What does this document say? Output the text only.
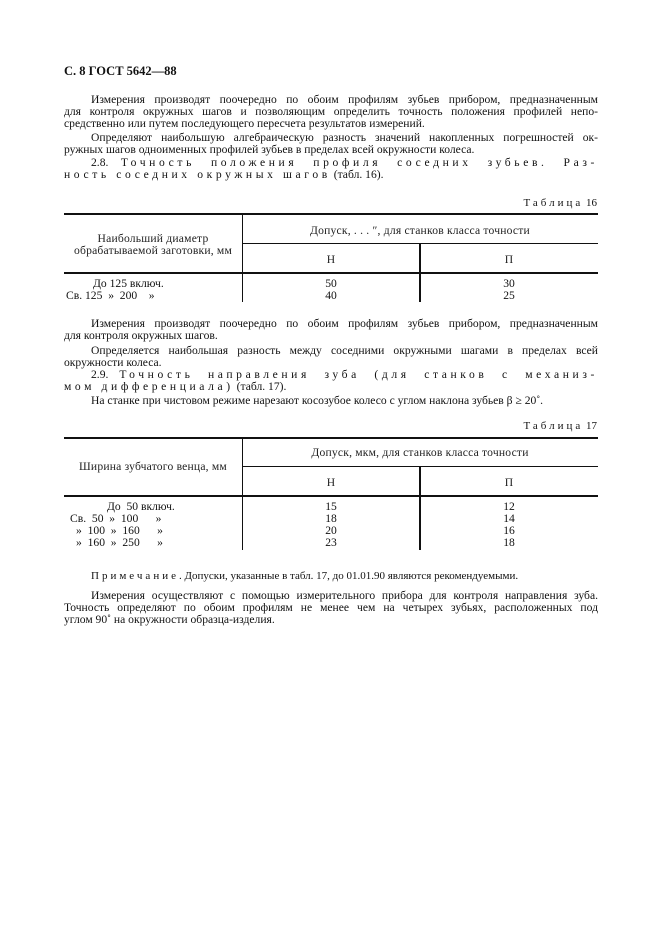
С. 8 ГОСТ 5642—88
Измерения производят поочередно по обоим профилям зубьев прибором, предназначенным
для контроля окружных шагов и позволяющим определить точность положения профилей непо-
средственно или путем последующего пересчета результатов измерений.
Определяют наибольшую алгебраическую разность значений накопленных погрешностей ок-
ружных шагов одноименных профилей зубьев в пределах всей окружности колеса.
2.8. Точность положения профиля соседних зубьев. Раз-
ность соседних окружных шагов (табл. 16).
Таблица 16
Наибольший диаметр обрабатываемой заготовки, мм
Допуск, . . . ″, для станков класса точности
Н	П
До 125 включ.
Св. 125  »  200    »
50
40
30
25
Измерения производят поочередно по обоим профилям зубьев прибором, предназначенным
для контроля окружных шагов.
Определяется наибольшая разность между соседними окружными шагами в пределах всей
окружности колеса.
2.9. Точность направления зуба (для станков с механиз-
мом дифференциала) (табл. 17).
На станке при чистовом режиме нарезают косозубое колесо с углом наклона зубьев β ≥ 20˚.
Таблица 17
Ширина зубчатого венца, мм
Допуск, мкм, для станков класса точности
Н	П
До  50 включ.
Св.  50  »  100      »
»  100  »  160      »
»  160  »  250      »
15
18
20
23
12
14
16
18
Примечание. Допуски, указанные в табл. 17, до 01.01.90 являются рекомендуемыми.
Измерения осуществляют с помощью измерительного прибора для контроля направления зуба.
Точность определяют по обоим профилям не менее чем на четырех зубьях, расположенных под
углом 90˚ на окружности образца-изделия.
